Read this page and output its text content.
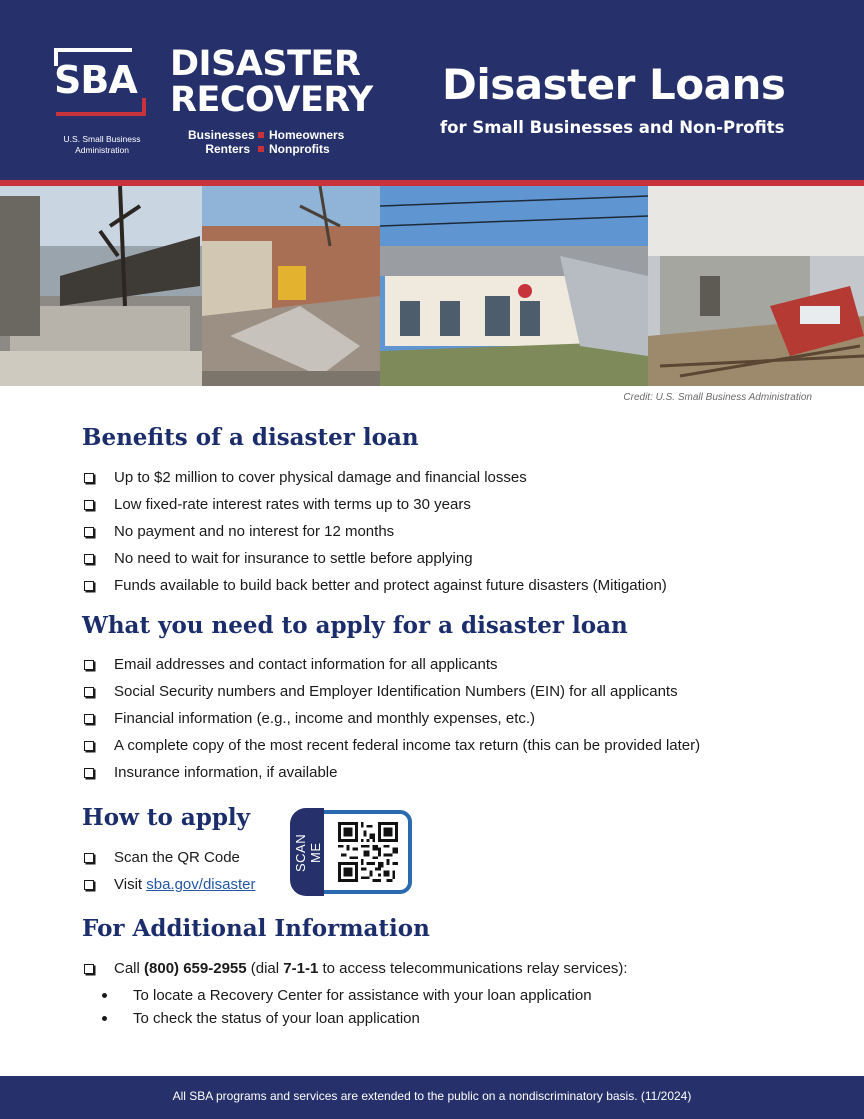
SBA
U.S. Small Business
Administration
DISASTER
RECOVERY
Businesses Homeowners
Renters	Nonprofits
Disaster Loans
for Small Businesses and Non-Profits
Credit: U.S. Small Business Administration
Benefits of a disaster loan
Up to $2 million to cover physical damage and financial losses
Low fixed-rate interest rates with terms up to 30 years
No payment and no interest for 12 months
No need to wait for insurance to settle before applying
Funds available to build back better and protect against future disasters (Mitigation)
What you need to apply for a disaster loan
Email addresses and contact information for all applicants
Social Security numbers and Employer Identification Numbers (EIN) for all applicants
Financial information (e.g., income and monthly expenses, etc.)
A complete copy of the most recent federal income tax return (this can be provided later)
Insurance information, if available
How to apply
Scan the QR Code
Visit sba.gov/disaster
SCAN ME
For Additional Information
Call (800) 659-2955 (dial 7-1-1 to access telecommunications relay services):
To locate a Recovery Center for assistance with your loan application
To check the status of your loan application
All SBA programs and services are extended to the public on a nondiscriminatory basis. (11/2024)
